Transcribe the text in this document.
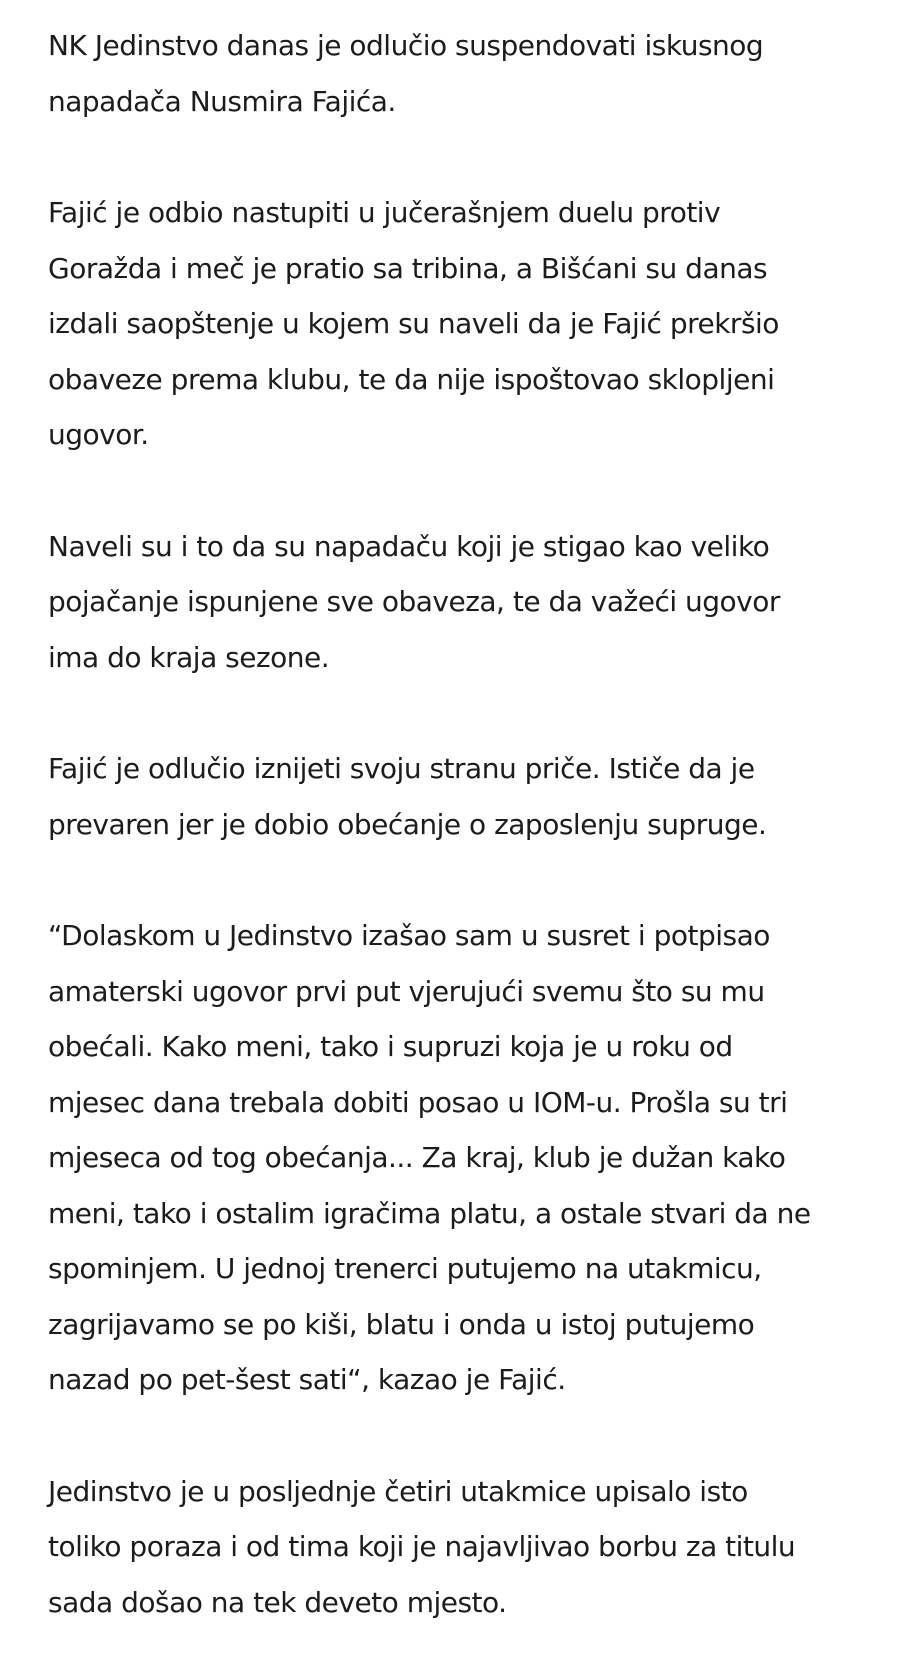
NK Jedinstvo danas je odlučio suspendovati iskusnog
napadača Nusmira Fajića.

Fajić je odbio nastupiti u jučerašnjem duelu protiv
Goražda i meč je pratio sa tribina, a Bišćani su danas
izdali saopštenje u kojem su naveli da je Fajić prekršio
obaveze prema klubu, te da nije ispoštovao sklopljeni
ugovor.

Naveli su i to da su napadaču koji je stigao kao veliko
pojačanje ispunjene sve obaveza, te da važeći ugovor
ima do kraja sezone.

Fajić je odlučio iznijeti svoju stranu priče. Ističe da je
prevaren jer je dobio obećanje o zaposlenju supruge.

“Dolaskom u Jedinstvo izašao sam u susret i potpisao
amaterski ugovor prvi put vjerujući svemu što su mu
obećali. Kako meni, tako i supruzi koja je u roku od
mjesec dana trebala dobiti posao u IOM-u. Prošla su tri
mjeseca od tog obećanja... Za kraj, klub je dužan kako
meni, tako i ostalim igračima platu, a ostale stvari da ne
spominjem. U jednoj trenerci putujemo na utakmicu,
zagrijavamo se po kiši, blatu i onda u istoj putujemo
nazad po pet-šest sati“, kazao je Fajić.

Jedinstvo je u posljednje četiri utakmice upisalo isto
toliko poraza i od tima koji je najavljivao borbu za titulu
sada došao na tek deveto mjesto.
